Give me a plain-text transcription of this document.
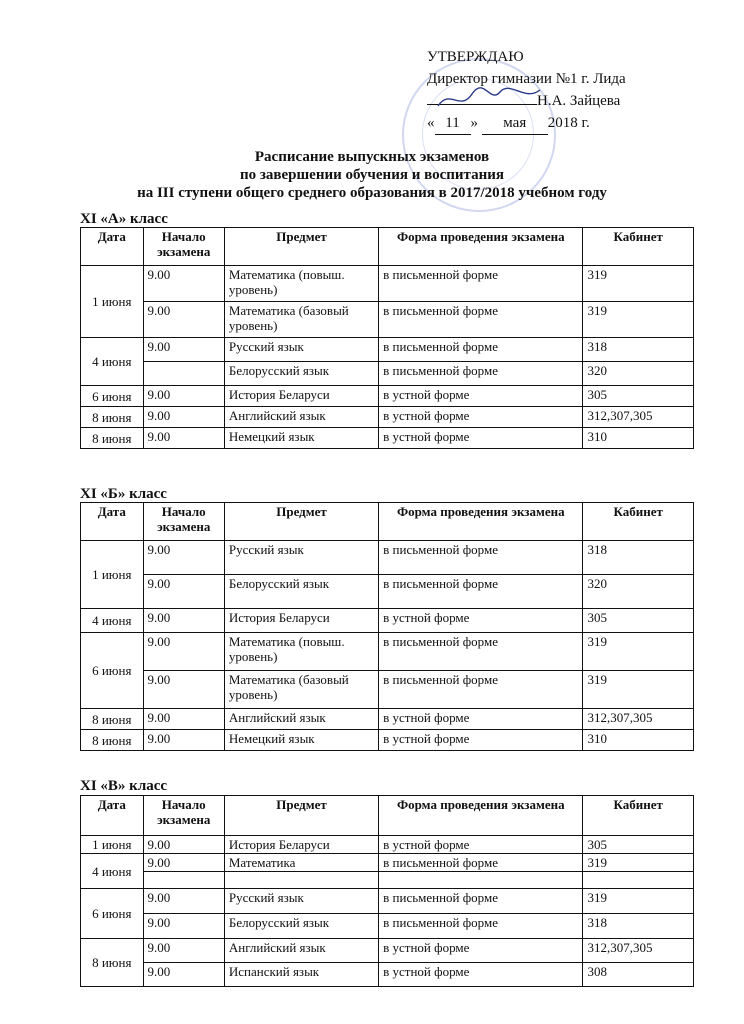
УТВЕРЖДАЮ
Директор гимназии №1 г. Лида
Н.А. Зайцева
« 11 » мая 2018 г.
Расписание выпускных экзаменов
по завершении обучения и воспитания
на III ступени общего среднего образования в 2017/2018 учебном году
XI «А» класс
Дата	Начало экзамена	Предмет	Форма проведения экзамена	Кабинет
1 июня	9.00	Математика (повыш. уровень)	в письменной форме	319
	9.00	Математика (базовый уровень)	в письменной форме	319
4 июня	9.00	Русский язык	в письменной форме	318
		Белорусский язык	в письменной форме	320
6 июня	9.00	История Беларуси	в устной форме	305
8 июня	9.00	Английский язык	в устной форме	312,307,305
8 июня	9.00	Немецкий язык	в устной форме	310
XI «Б» класс
Дата	Начало экзамена	Предмет	Форма проведения экзамена	Кабинет
1 июня	9.00	Русский язык	в письменной форме	318
	9.00	Белорусский язык	в письменной форме	320
4 июня	9.00	История Беларуси	в устной форме	305
6 июня	9.00	Математика (повыш. уровень)	в письменной форме	319
	9.00	Математика (базовый уровень)	в письменной форме	319
8 июня	9.00	Английский язык	в устной форме	312,307,305
8 июня	9.00	Немецкий язык	в устной форме	310
XI «В» класс
Дата	Начало экзамена	Предмет	Форма проведения экзамена	Кабинет
1 июня	9.00	История Беларуси	в устной форме	305
4 июня	9.00	Математика	в письменной форме	319

6 июня	9.00	Русский язык	в письменной форме	319
	9.00	Белорусский язык	в письменной форме	318
8 июня	9.00	Английский язык	в устной форме	312,307,305
	9.00	Испанский язык	в устной форме	308
